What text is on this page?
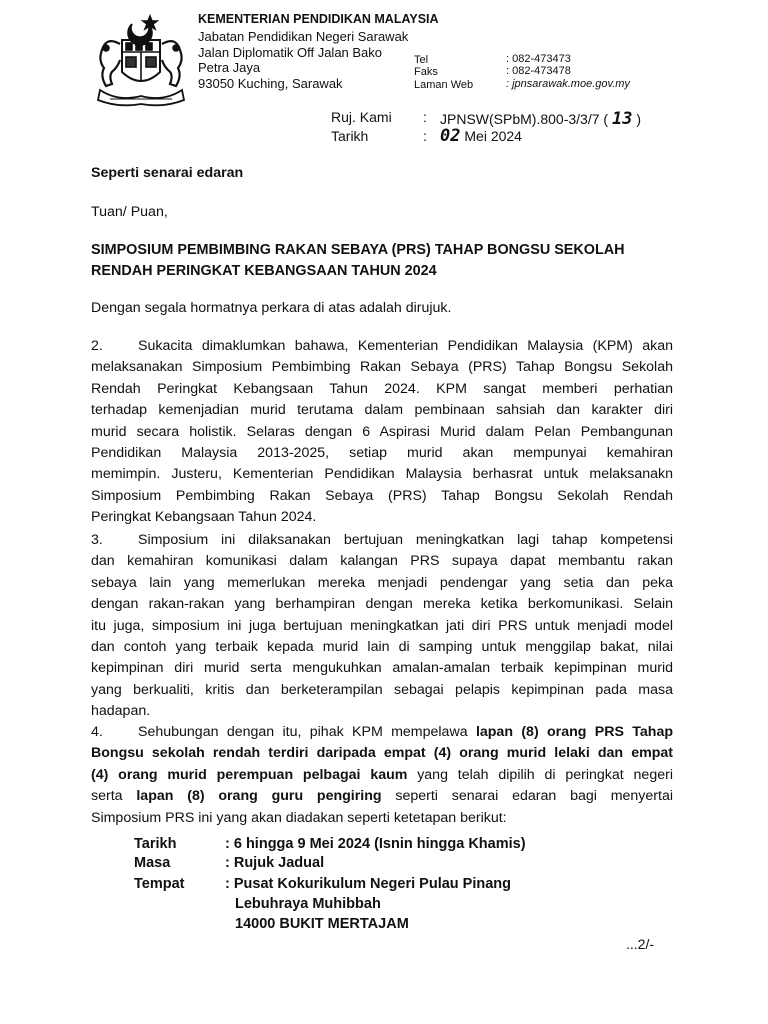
KEMENTERIAN PENDIDIKAN MALAYSIA
Jabatan Pendidikan Negeri Sarawak
Jalan Diplomatik Off Jalan Bako
Petra Jaya
93050 Kuching, Sarawak
Tel	: 082-473473
Faks	: 082-473478
Laman Web	: jpnsarawak.moe.gov.my
Ruj. Kami : JPNSW(SPbM).800-3/3/7 ( 13 )
Tarikh	: 02 Mei 2024
Seperti senarai edaran
Tuan/ Puan,
SIMPOSIUM PEMBIMBING RAKAN SEBAYA (PRS) TAHAP BONGSU SEKOLAH
RENDAH PERINGKAT KEBANGSAAN TAHUN 2024
Dengan segala hormatnya perkara di atas adalah dirujuk.
2. Sukacita dimaklumkan bahawa, Kementerian Pendidikan Malaysia (KPM) akan
melaksanakan Simposium Pembimbing Rakan Sebaya (PRS) Tahap Bongsu Sekolah
Rendah Peringkat Kebangsaan Tahun 2024. KPM sangat memberi perhatian
terhadap kemenjadian murid terutama dalam pembinaan sahsiah dan karakter diri
murid secara holistik. Selaras dengan 6 Aspirasi Murid dalam Pelan Pembangunan
Pendidikan Malaysia 2013-2025, setiap murid akan mempunyai kemahiran
memimpin. Justeru, Kementerian Pendidikan Malaysia berhasrat untuk melaksanakn
Simposium Pembimbing Rakan Sebaya (PRS) Tahap Bongsu Sekolah Rendah
Peringkat Kebangsaan Tahun 2024.
3. Simposium ini dilaksanakan bertujuan meningkatkan lagi tahap kompetensi
dan kemahiran komunikasi dalam kalangan PRS supaya dapat membantu rakan
sebaya lain yang memerlukan mereka menjadi pendengar yang setia dan peka
dengan rakan-rakan yang berhampiran dengan mereka ketika berkomunikasi. Selain
itu juga, simposium ini juga bertujuan meningkatkan jati diri PRS untuk menjadi model
dan contoh yang terbaik kepada murid lain di samping untuk menggilap bakat, nilai
kepimpinan diri murid serta mengukuhkan amalan-amalan terbaik kepimpinan murid
yang berkualiti, kritis dan berketerampilan sebagai pelapis kepimpinan pada masa
hadapan.
4. Sehubungan dengan itu, pihak KPM mempelawa lapan (8) orang PRS Tahap
Bongsu sekolah rendah terdiri daripada empat (4) orang murid lelaki dan empat
(4) orang murid perempuan pelbagai kaum yang telah dipilih di peringkat negeri
serta lapan (8) orang guru pengiring seperti senarai edaran bagi menyertai
Simposium PRS ini yang akan diadakan seperti ketetapan berikut:
Tarikh	: 6 hingga 9 Mei 2024 (Isnin hingga Khamis)
Masa	: Rujuk Jadual
Tempat	: Pusat Kokurikulum Negeri Pulau Pinang
Lebuhraya Muhibbah
14000 BUKIT MERTAJAM
...2/-
